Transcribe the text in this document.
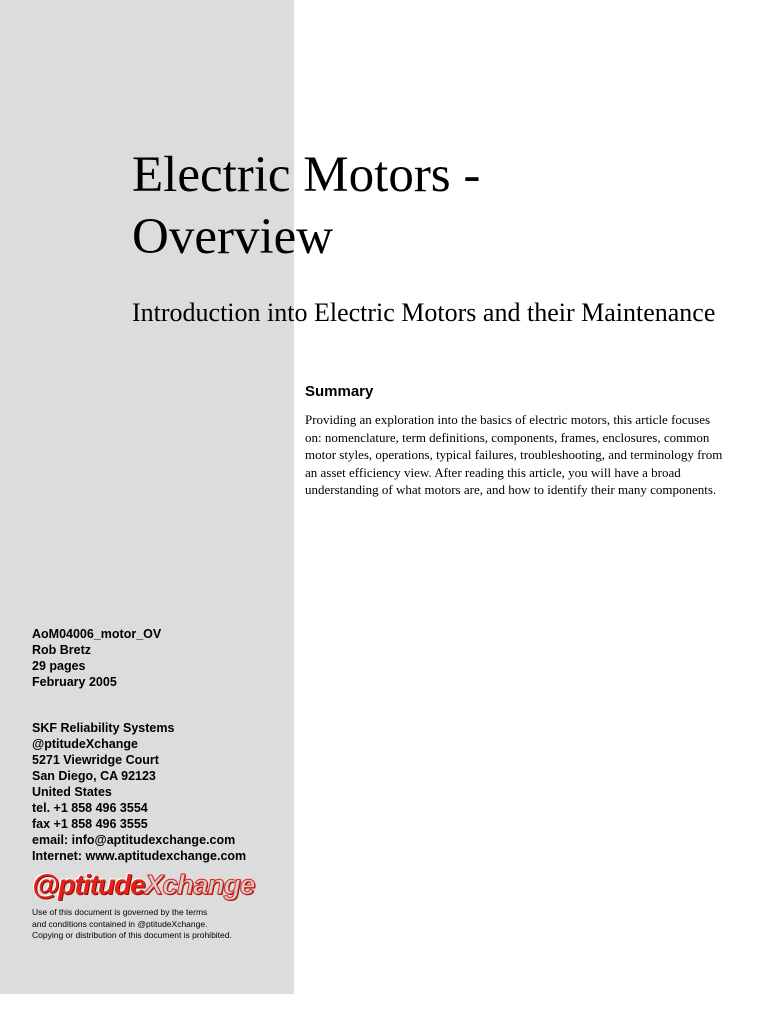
Electric Motors -
Overview
Introduction into Electric Motors and their Maintenance
Summary

Providing an exploration into the basics of electric motors, this article focuses on: nomenclature, term definitions, components, frames, enclosures, common motor styles, operations, typical failures, troubleshooting, and terminology from an asset efficiency view. After reading this article, you will have a broad understanding of what motors are, and how to identify their many components.

AoM04006_motor_OV
Rob Bretz
29 pages
February 2005
SKF Reliability Systems
@ptitudeXchange
5271 Viewridge Court
San Diego, CA 92123
United States
tel. +1 858 496 3554
fax +1 858 496 3555
email: info@aptitudexchange.com
Internet: www.aptitudexchange.com
@ptitudeXchange
Use of this document is governed by the terms
and conditions contained in @ptitudeXchange.
Copying or distribution of this document is prohibited.
